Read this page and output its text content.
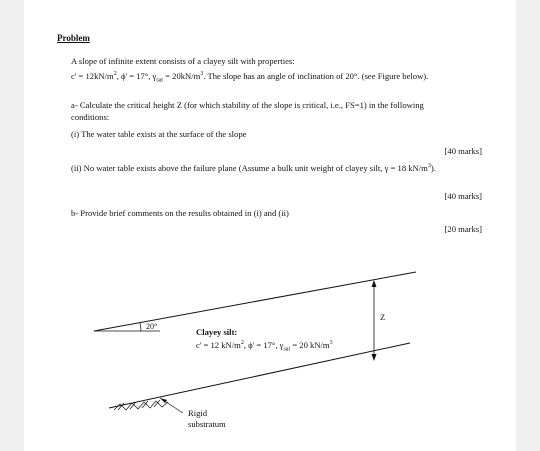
Problem
A slope of infinite extent consists of a clayey silt with properties:
$c' = 12kN/m^2$, ϕ' = 17°, $\gamma_{sat} = 20kN/m^3$. The slope has an angle of inclination of 20°. (see Figure below).
a- Calculate the critical height Z (for which stability of the slope is critical, i.e., FS=1) in the following conditions:
(i) The water table exists at the surface of the slope
[40 marks]
(ii) No water table exists above the failure plane (Assume a bulk unit weight of clayey silt, γ = 18 $kN/m^3$).
[40 marks]
b- Provide brief comments on the results obtained in (i) and (ii)
[20 marks]
20°
Z
Clayey silt:
c' = 12 $kN/m^2$, ϕ' = 17°, $\gamma_{sat} = 20$ $kN/m^3$
Rigid
substratum
